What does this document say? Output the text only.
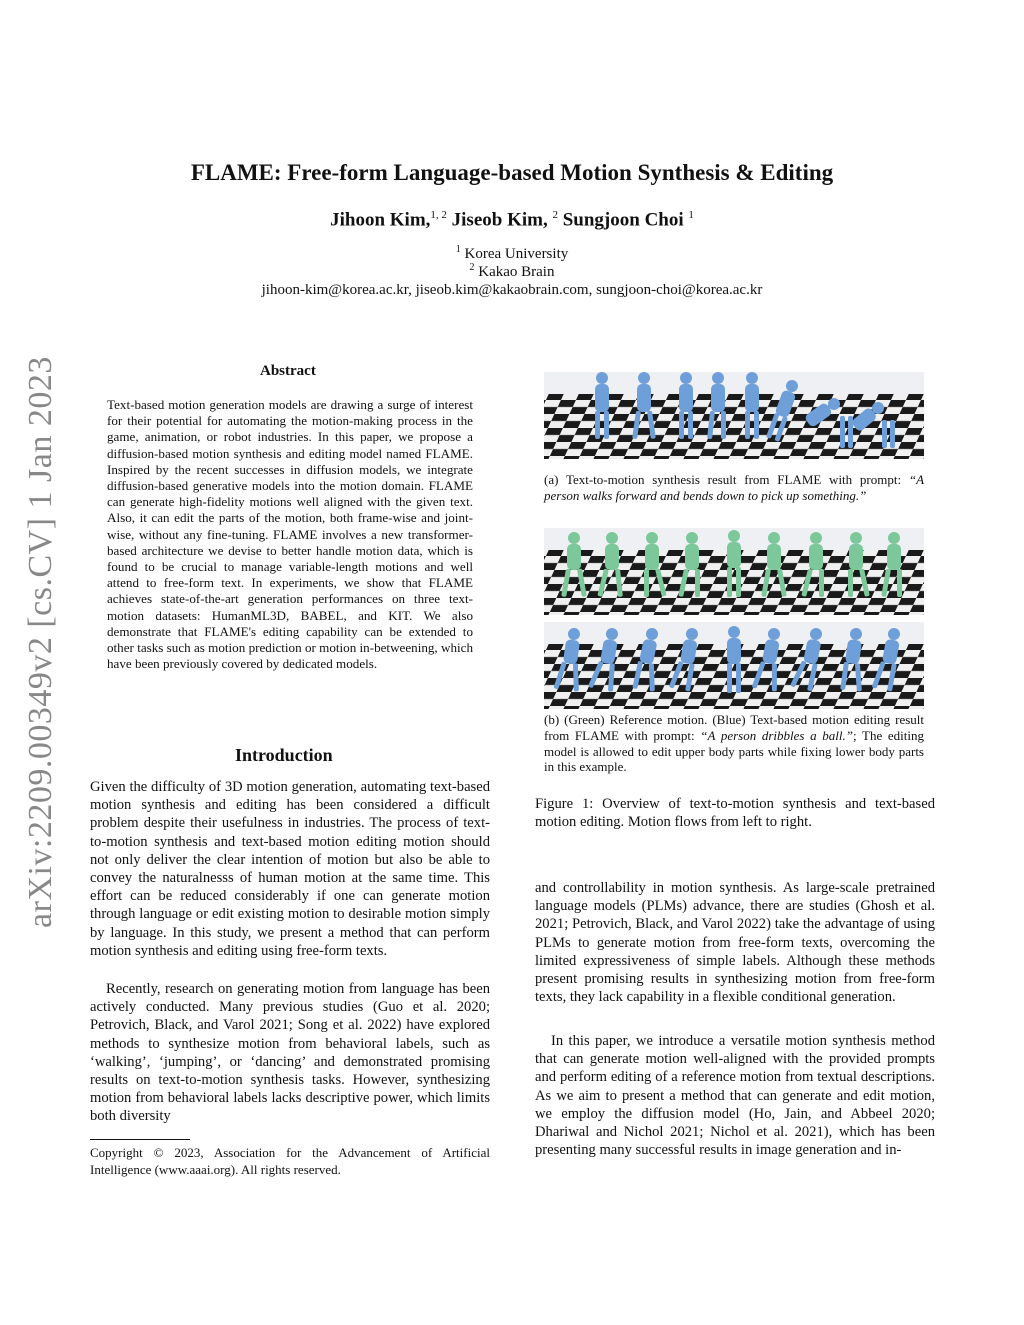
FLAME: Free-form Language-based Motion Synthesis & Editing
Jihoon Kim,$^{1, 2}$ Jiseob Kim, $^2$ Sungjoon Choi $^1$
$^1$ Korea University
$^2$ Kakao Brain
jihoon-kim@korea.ac.kr, jiseob.kim@kakaobrain.com, sungjoon-choi@korea.ac.kr
arXiv:2209.00349v2 [cs.CV] 1 Jan 2023	Abstract
Text-based motion generation models are drawing a surge of interest for their potential for automating the motion-making process in the game, animation, or robot industries. In this paper, we propose a diffusion-based motion synthesis and editing model named FLAME. Inspired by the recent successes in diffusion models, we integrate diffusion-based generative models into the motion domain. FLAME can generate high-fidelity motions well aligned with the given text. Also, it can edit the parts of the motion, both frame-wise and joint-wise, without any fine-tuning. FLAME involves a new transformer-based architecture we devise to better handle motion data, which is found to be crucial to manage variable-length motions and well attend to free-form text. In experiments, we show that FLAME achieves state-of-the-art generation performances on three text-motion datasets: HumanML3D, BABEL, and KIT. We also demonstrate that FLAME's editing capability can be extended to other tasks such as motion prediction or motion in-betweening, which have been previously covered by dedicated models.
Introduction
Given the difficulty of 3D motion generation, automating text-based motion synthesis and editing has been considered a difficult problem despite their usefulness in industries. The process of text-to-motion synthesis and text-based motion editing motion should not only deliver the clear intention of motion but also be able to convey the naturalnesss of human motion at the same time. This effort can be reduced considerably if one can generate motion through language or edit existing motion to desirable motion simply by language. In this study, we present a method that can perform motion synthesis and editing using free-form texts.
Recently, research on generating motion from language has been actively conducted. Many previous studies (Guo et al. 2020; Petrovich, Black, and Varol 2021; Song et al. 2022) have explored methods to synthesize motion from behavioral labels, such as ‘walking’, ‘jumping’, or ‘dancing’ and demonstrated promising results on text-to-motion synthesis tasks. However, synthesizing motion from behavioral labels lacks descriptive power, which limits both diversity
Copyright © 2023, Association for the Advancement of Artificial Intelligence (www.aaai.org). All rights reserved.
(a) Text-to-motion synthesis result from FLAME with prompt: “A person walks forward and bends down to pick up something.”
(b) (Green) Reference motion. (Blue) Text-based motion editing result from FLAME with prompt: “A person dribbles a ball.”; The editing model is allowed to edit upper body parts while fixing lower body parts in this example.
Figure 1: Overview of text-to-motion synthesis and text-based motion editing. Motion flows from left to right.
and controllability in motion synthesis. As large-scale pretrained language models (PLMs) advance, there are studies (Ghosh et al. 2021; Petrovich, Black, and Varol 2022) take the advantage of using PLMs to generate motion from free-form texts, overcoming the limited expressiveness of simple labels. Although these methods present promising results in synthesizing motion from free-form texts, they lack capability in a flexible conditional generation.
In this paper, we introduce a versatile motion synthesis method that can generate motion well-aligned with the provided prompts and perform editing of a reference motion from textual descriptions. As we aim to present a method that can generate and edit motion, we employ the diffusion model (Ho, Jain, and Abbeel 2020; Dhariwal and Nichol 2021; Nichol et al. 2021), which has been presenting many successful results in image generation and in-
